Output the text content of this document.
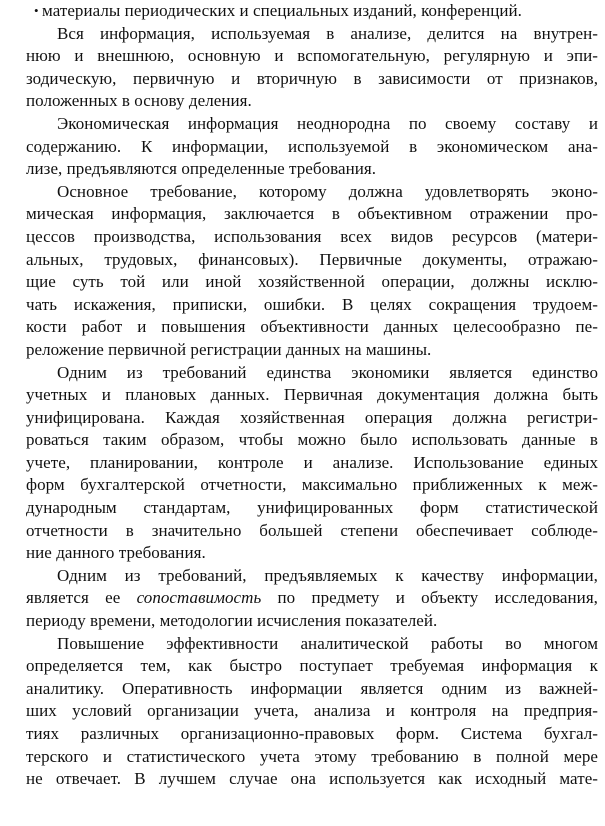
• материалы периодических и специальных изданий, конференций.
Вся информация, используемая в анализе, делится на внутрен-
нюю и внешнюю, основную и вспомогательную, регулярную и эпи-
зодическую, первичную и вторичную в зависимости от признаков,
положенных в основу деления.
Экономическая информация неоднородна по своему составу и
содержанию. К информации, используемой в экономическом ана-
лизе, предъявляются определенные требования.
Основное требование, которому должна удовлетворять эконо-
мическая информация, заключается в объективном отражении про-
цессов производства, использования всех видов ресурсов (матери-
альных, трудовых, финансовых). Первичные документы, отражаю-
щие суть той или иной хозяйственной операции, должны исклю-
чать искажения, приписки, ошибки. В целях сокращения трудоем-
кости работ и повышения объективности данных целесообразно пе-
реложение первичной регистрации данных на машины.
Одним из требований единства экономики является единство
учетных и плановых данных. Первичная документация должна быть
унифицирована. Каждая хозяйственная операция должна регистри-
роваться таким образом, чтобы можно было использовать данные в
учете, планировании, контроле и анализе. Использование единых
форм бухгалтерской отчетности, максимально приближенных к меж-
дународным стандартам, унифицированных форм статистической
отчетности в значительно большей степени обеспечивает соблюде-
ние данного требования.
Одним из требований, предъявляемых к качеству информации,
является ее сопоставимость по предмету и объекту исследования,
периоду времени, методологии исчисления показателей.
Повышение эффективности аналитической работы во многом
определяется тем, как быстро поступает требуемая информация к
аналитику. Оперативность информации является одним из важней-
ших условий организации учета, анализа и контроля на предприя-
тиях различных организационно-правовых форм. Система бухгал-
терского и статистического учета этому требованию в полной мере
не отвечает. В лучшем случае она используется как исходный мате-
